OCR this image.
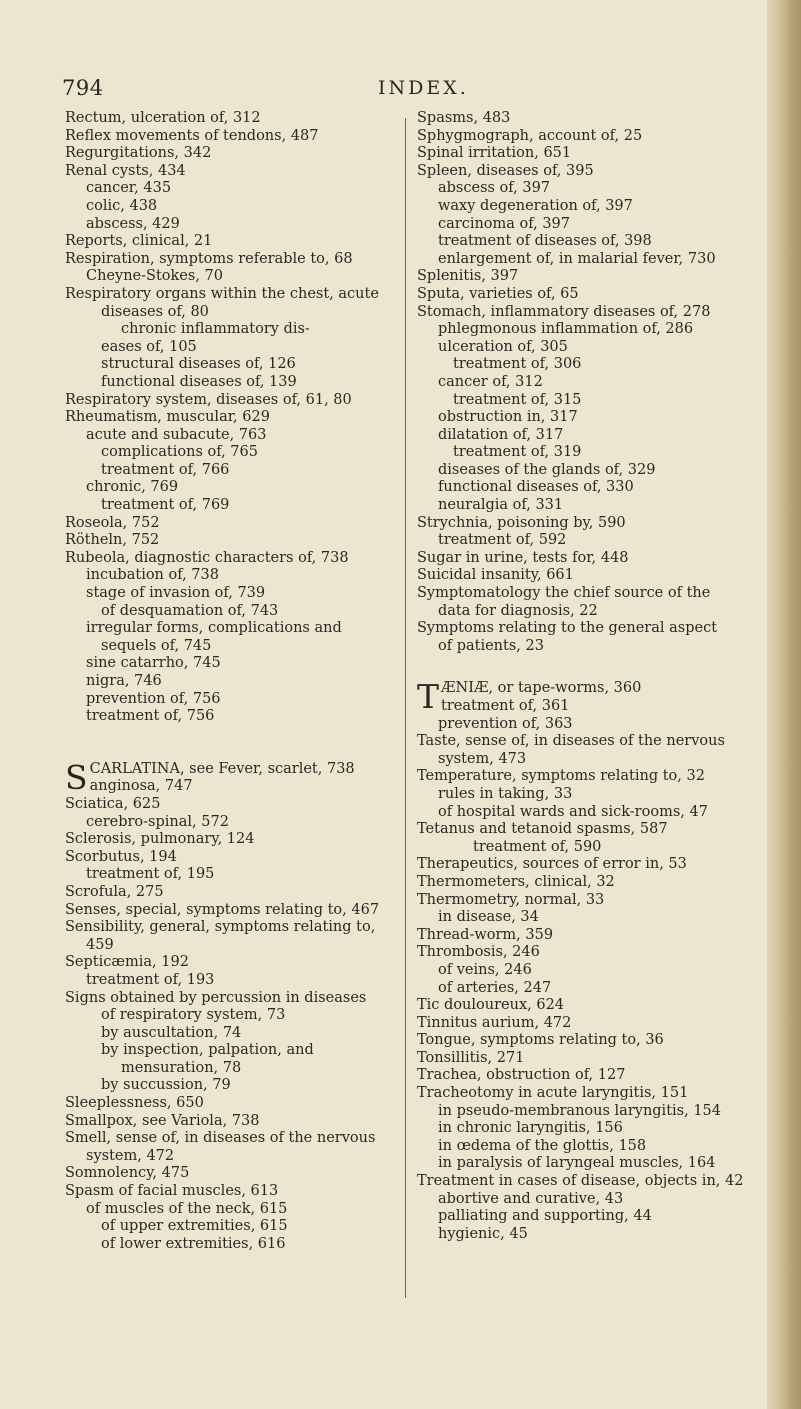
794	INDEX.
Rectum, ulceration of, 312
Reflex movements of tendons, 487
Regurgitations, 342
Renal cysts, 434
cancer, 435
colic, 438
abscess, 429
Reports, clinical, 21
Respiration, symptoms referable to, 68
Cheyne-Stokes, 70
Respiratory organs within the chest, acute
diseases of, 80
chronic inflammatory dis-
eases of, 105
structural diseases of, 126
functional diseases of, 139
Respiratory system, diseases of, 61, 80
Rheumatism, muscular, 629
acute and subacute, 763
complications of, 765
treatment of, 766
chronic, 769
treatment of, 769
Roseola, 752
Rötheln, 752
Rubeola, diagnostic characters of, 738
incubation of, 738
stage of invasion of, 739
of desquamation of, 743
irregular forms, complications and
sequels of, 745
sine catarrho, 745
nigra, 746
prevention of, 756
treatment of, 756
S CARLATINA, see Fever, scarlet, 738
anginosa, 747
Sciatica, 625
cerebro-spinal, 572
Sclerosis, pulmonary, 124
Scorbutus, 194
treatment of, 195
Scrofula, 275
Senses, special, symptoms relating to, 467
Sensibility, general, symptoms relating to,
459
Septicæmia, 192
treatment of, 193
Signs obtained by percussion in diseases
of respiratory system, 73
by auscultation, 74
by inspection, palpation, and
mensuration, 78
by succussion, 79
Sleeplessness, 650
Smallpox, see Variola, 738
Smell, sense of, in diseases of the nervous
system, 472
Somnolency, 475
Spasm of facial muscles, 613
of muscles of the neck, 615
of upper extremities, 615
of lower extremities, 616
Spasms, 483
Sphygmograph, account of, 25
Spinal irritation, 651
Spleen, diseases of, 395
abscess of, 397
waxy degeneration of, 397
carcinoma of, 397
treatment of diseases of, 398
enlargement of, in malarial fever, 730
Splenitis, 397
Sputa, varieties of, 65
Stomach, inflammatory diseases of, 278
phlegmonous inflammation of, 286
ulceration of, 305
treatment of, 306
cancer of, 312
treatment of, 315
obstruction in, 317
dilatation of, 317
treatment of, 319
diseases of the glands of, 329
functional diseases of, 330
neuralgia of, 331
Strychnia, poisoning by, 590
treatment of, 592
Sugar in urine, tests for, 448
Suicidal insanity, 661
Symptomatology the chief source of the
data for diagnosis, 22
Symptoms relating to the general aspect
of patients, 23
T ÆNIÆ, or tape-worms, 360
treatment of, 361
prevention of, 363
Taste, sense of, in diseases of the nervous
system, 473
Temperature, symptoms relating to, 32
rules in taking, 33
of hospital wards and sick-rooms, 47
Tetanus and tetanoid spasms, 587
treatment of, 590
Therapeutics, sources of error in, 53
Thermometers, clinical, 32
Thermometry, normal, 33
in disease, 34
Thread-worm, 359
Thrombosis, 246
of veins, 246
of arteries, 247
Tic douloureux, 624
Tinnitus aurium, 472
Tongue, symptoms relating to, 36
Tonsillitis, 271
Trachea, obstruction of, 127
Tracheotomy in acute laryngitis, 151
in pseudo-membranous laryngitis, 154
in chronic laryngitis, 156
in œdema of the glottis, 158
in paralysis of laryngeal muscles, 164
Treatment in cases of disease, objects in, 42
abortive and curative, 43
palliating and supporting, 44
hygienic, 45
